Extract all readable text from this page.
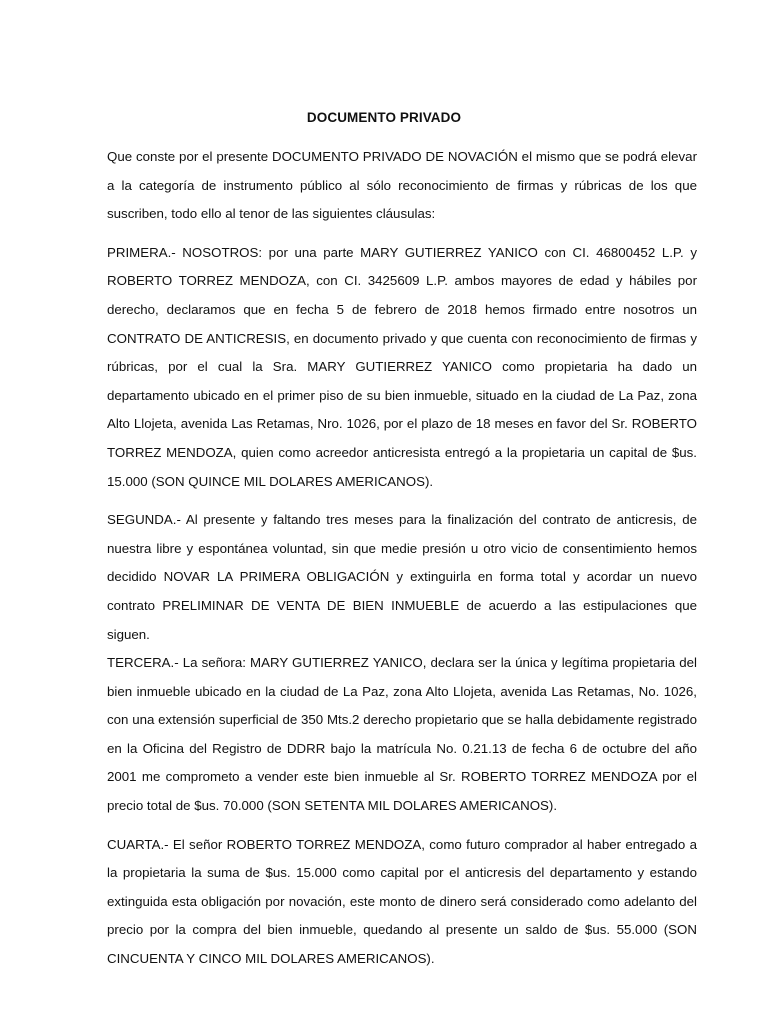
DOCUMENTO PRIVADO

Que conste por el presente DOCUMENTO PRIVADO DE NOVACIÓN el mismo que se podrá elevar a la categoría de instrumento público al sólo reconocimiento de firmas y rúbricas de los que suscriben, todo ello al tenor de las siguientes cláusulas:

PRIMERA.- NOSOTROS: por una parte MARY GUTIERREZ YANICO con CI. 46800452 L.P. y ROBERTO TORREZ MENDOZA, con CI. 3425609 L.P. ambos mayores de edad y hábiles por derecho, declaramos que en fecha 5 de febrero de 2018 hemos firmado entre nosotros un CONTRATO DE ANTICRESIS, en documento privado y que cuenta con reconocimiento de firmas y rúbricas, por el cual la Sra. MARY GUTIERREZ YANICO como propietaria ha dado un departamento ubicado en el primer piso de su bien inmueble, situado en la ciudad de La Paz, zona Alto Llojeta, avenida Las Retamas, Nro. 1026, por el plazo de 18 meses en favor del Sr. ROBERTO TORREZ MENDOZA, quien como acreedor anticresista entregó a la propietaria un capital de $us. 15.000 (SON QUINCE MIL DOLARES AMERICANOS).

SEGUNDA.- Al presente y faltando tres meses para la finalización del contrato de anticresis, de nuestra libre y espontánea voluntad, sin que medie presión u otro vicio de consentimiento hemos decidido NOVAR LA PRIMERA OBLIGACIÓN y extinguirla en forma total y acordar un nuevo contrato PRELIMINAR DE VENTA DE BIEN INMUEBLE de acuerdo a las estipulaciones que siguen.

TERCERA.- La señora: MARY GUTIERREZ YANICO, declara ser la única y legítima propietaria del bien inmueble ubicado en la ciudad de La Paz, zona Alto Llojeta, avenida Las Retamas, No. 1026, con una extensión superficial de 350 Mts.2 derecho propietario que se halla debidamente registrado en la Oficina del Registro de DDRR bajo la matrícula No. 0.21.13 de fecha 6 de octubre del año 2001 me comprometo a vender este bien inmueble al Sr. ROBERTO TORREZ MENDOZA por el precio total de $us. 70.000 (SON SETENTA MIL DOLARES AMERICANOS).

CUARTA.- El señor ROBERTO TORREZ MENDOZA, como futuro comprador al haber entregado a la propietaria la suma de $us. 15.000 como capital por el anticresis del departamento y estando extinguida esta obligación por novación, este monto de dinero será considerado como adelanto del precio por la compra del bien inmueble, quedando al presente un saldo de $us. 55.000 (SON CINCUENTA Y CINCO MIL DOLARES AMERICANOS).
